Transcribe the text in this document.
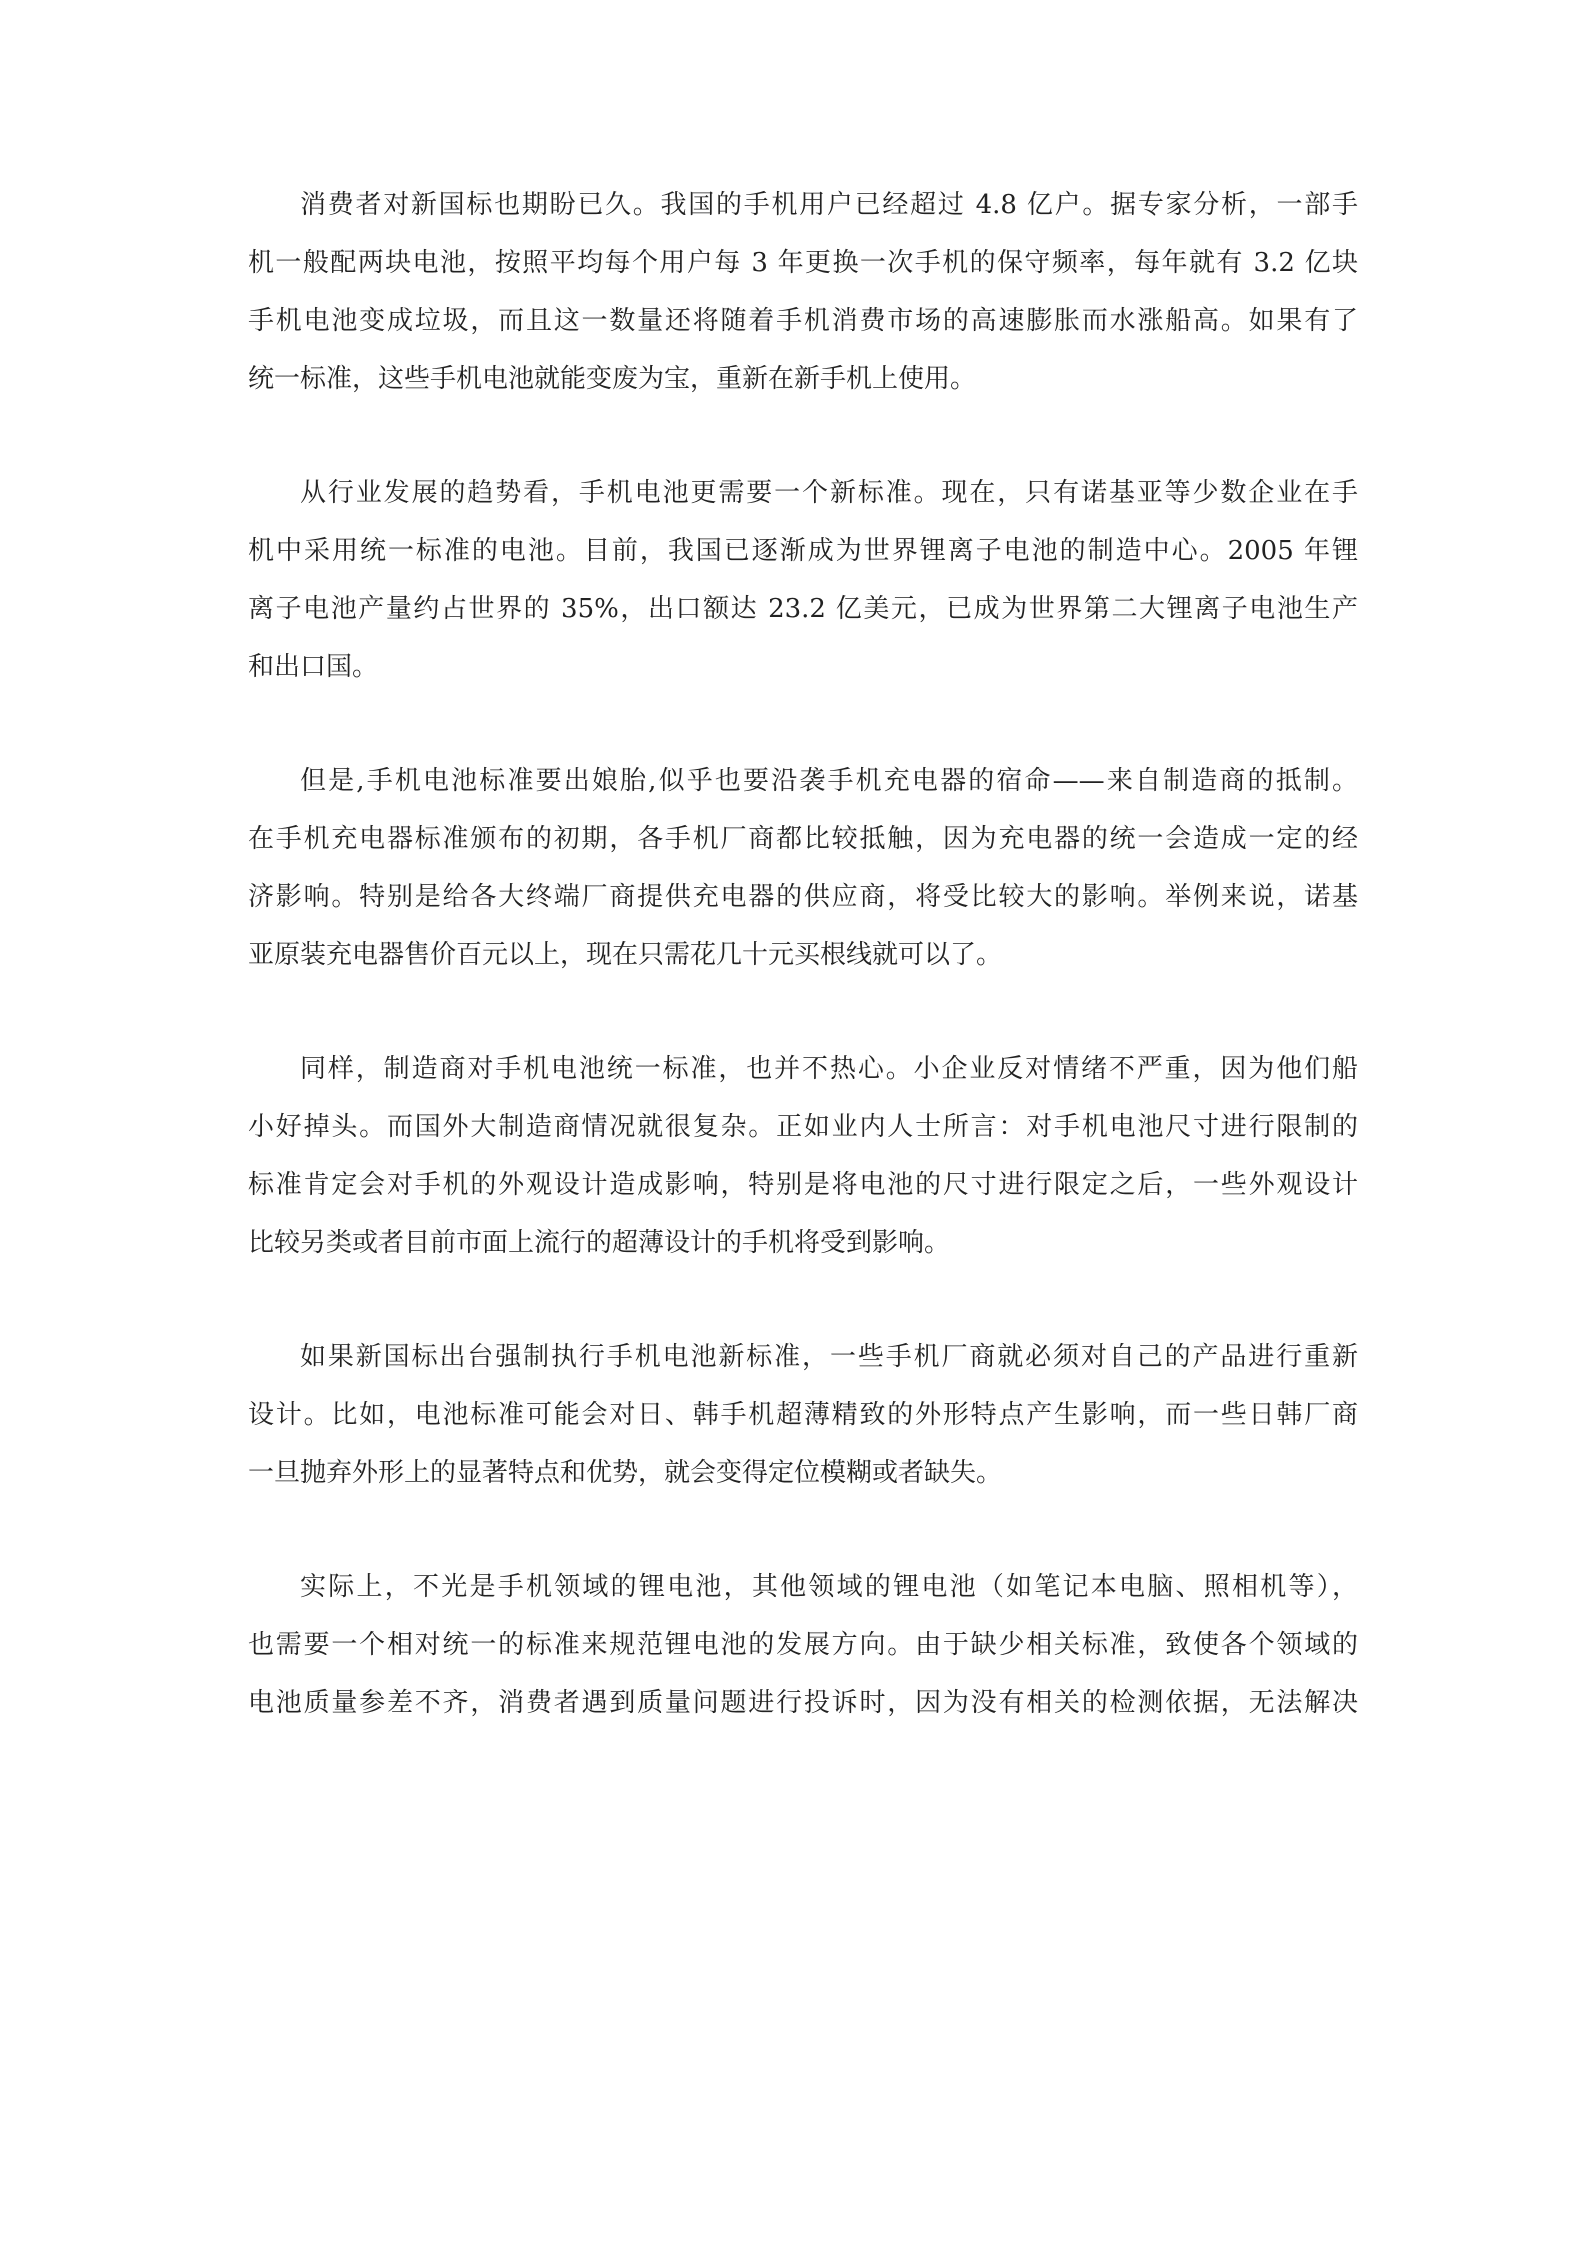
消费者对新国标也期盼已久。我国的手机用户已经超过 4.8 亿户。据专家分析，一部手
机一般配两块电池，按照平均每个用户每 3 年更换一次手机的保守频率，每年就有 3.2 亿块
手机电池变成垃圾，而且这一数量还将随着手机消费市场的高速膨胀而水涨船高。如果有了
统一标准，这些手机电池就能变废为宝，重新在新手机上使用。
从行业发展的趋势看，手机电池更需要一个新标准。现在，只有诺基亚等少数企业在手
机中采用统一标准的电池。目前，我国已逐渐成为世界锂离子电池的制造中心。2005 年锂
离子电池产量约占世界的 35%，出口额达 23.2 亿美元，已成为世界第二大锂离子电池生产
和出口国。
但是,手机电池标准要出娘胎,似乎也要沿袭手机充电器的宿命——来自制造商的抵制。
在手机充电器标准颁布的初期，各手机厂商都比较抵触，因为充电器的统一会造成一定的经
济影响。特别是给各大终端厂商提供充电器的供应商，将受比较大的影响。举例来说，诺基
亚原装充电器售价百元以上，现在只需花几十元买根线就可以了。
同样，制造商对手机电池统一标准，也并不热心。小企业反对情绪不严重，因为他们船
小好掉头。而国外大制造商情况就很复杂。正如业内人士所言：对手机电池尺寸进行限制的
标准肯定会对手机的外观设计造成影响，特别是将电池的尺寸进行限定之后，一些外观设计
比较另类或者目前市面上流行的超薄设计的手机将受到影响。
如果新国标出台强制执行手机电池新标准，一些手机厂商就必须对自己的产品进行重新
设计。比如，电池标准可能会对日、韩手机超薄精致的外形特点产生影响，而一些日韩厂商
一旦抛弃外形上的显著特点和优势，就会变得定位模糊或者缺失。
实际上，不光是手机领域的锂电池，其他领域的锂电池（如笔记本电脑、照相机等），
也需要一个相对统一的标准来规范锂电池的发展方向。由于缺少相关标准，致使各个领域的
电池质量参差不齐，消费者遇到质量问题进行投诉时，因为没有相关的检测依据，无法解决
